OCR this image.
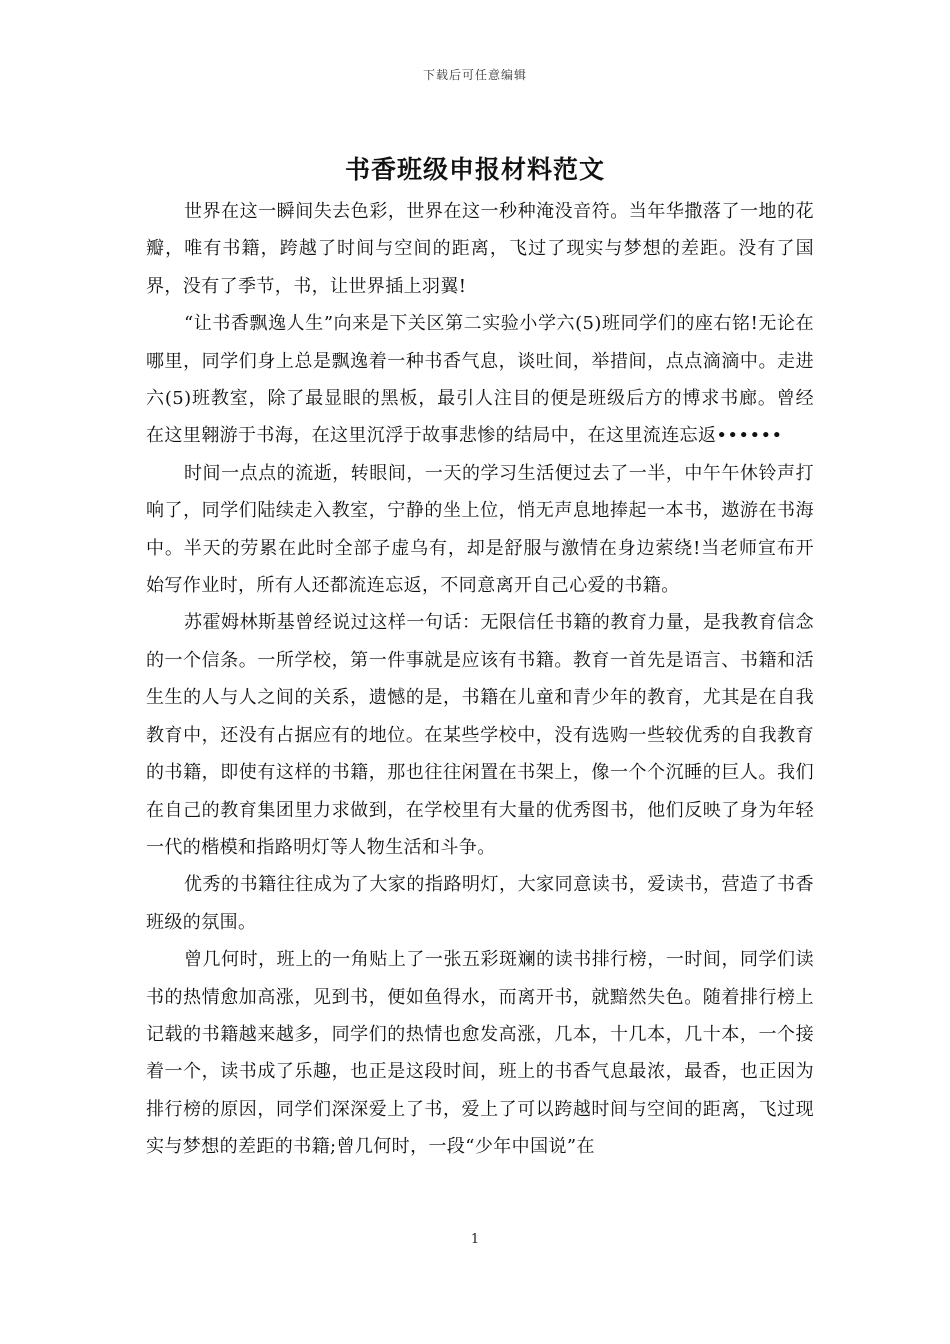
下载后可任意编辑
书香班级申报材料范文

世界在这一瞬间失去色彩，世界在这一秒种淹没音符。当年华撒落了一地的花瓣，唯有书籍，跨越了时间与空间的距离，飞过了现实与梦想的差距。没有了国界，没有了季节，书，让世界插上羽翼!

“让书香飘逸人生”向来是下关区第二实验小学六(5)班同学们的座右铭!无论在哪里，同学们身上总是飘逸着一种书香气息，谈吐间，举措间，点点滴滴中。走进六(5)班教室，除了最显眼的黑板，最引人注目的便是班级后方的博求书廊。曾经在这里翱游于书海，在这里沉浮于故事悲惨的结局中，在这里流连忘返••••••

时间一点点的流逝，转眼间，一天的学习生活便过去了一半，中午午休铃声打响了，同学们陆续走入教室，宁静的坐上位，悄无声息地捧起一本书，遨游在书海中。半天的劳累在此时全部子虚乌有，却是舒服与激情在身边萦绕!当老师宣布开始写作业时，所有人还都流连忘返，不同意离开自己心爱的书籍。

苏霍姆林斯基曾经说过这样一句话：无限信任书籍的教育力量，是我教育信念的一个信条。一所学校，第一件事就是应该有书籍。教育一首先是语言、书籍和活生生的人与人之间的关系，遗憾的是，书籍在儿童和青少年的教育，尤其是在自我教育中，还没有占据应有的地位。在某些学校中，没有选购一些较优秀的自我教育的书籍，即使有这样的书籍，那也往往闲置在书架上，像一个个沉睡的巨人。我们在自己的教育集团里力求做到，在学校里有大量的优秀图书，他们反映了身为年轻一代的楷模和指路明灯等人物生活和斗争。

优秀的书籍往往成为了大家的指路明灯，大家同意读书，爱读书，营造了书香班级的氛围。

曾几何时，班上的一角贴上了一张五彩斑斓的读书排行榜，一时间，同学们读书的热情愈加高涨，见到书，便如鱼得水，而离开书，就黯然失色。随着排行榜上记载的书籍越来越多，同学们的热情也愈发高涨，几本，十几本，几十本，一个接着一个，读书成了乐趣，也正是这段时间，班上的书香气息最浓，最香，也正因为排行榜的原因，同学们深深爱上了书，爱上了可以跨越时间与空间的距离，飞过现实与梦想的差距的书籍;曾几何时，一段“少年中国说”在

1
